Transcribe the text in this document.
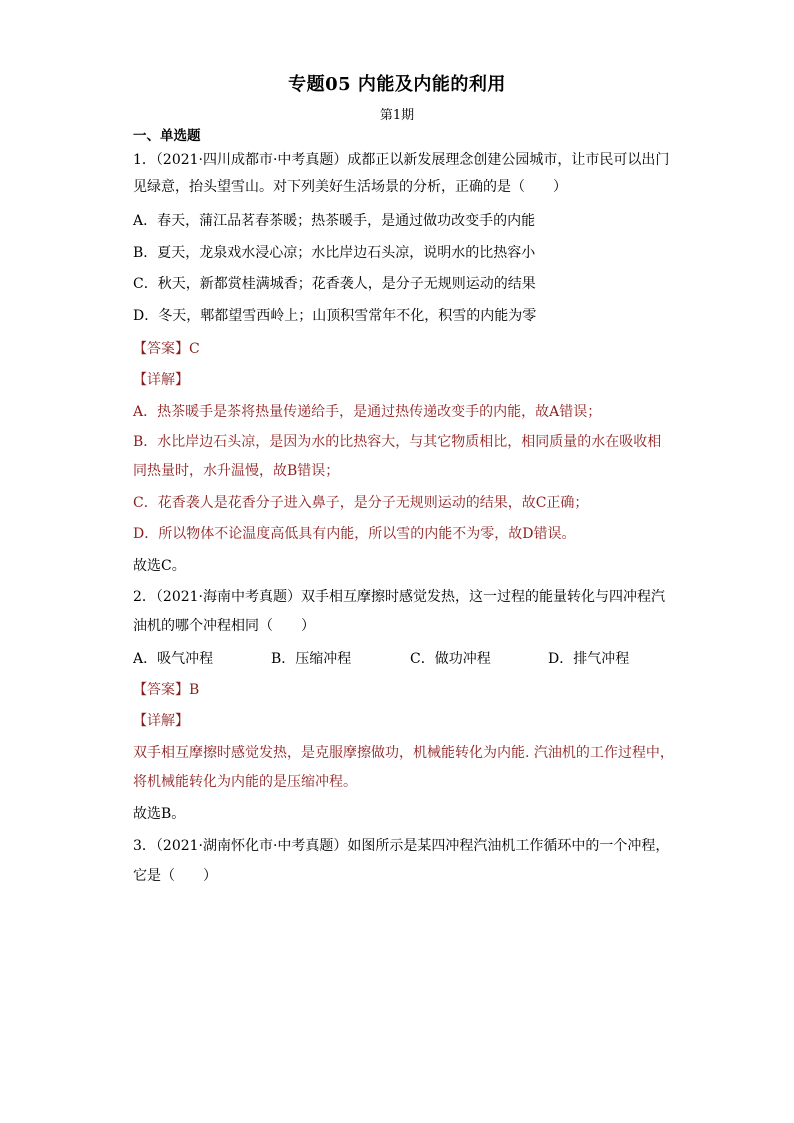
专题05 内能及内能的利用
第1期
一、单选题
1．（2021·四川成都市·中考真题）成都正以新发展理念创建公园城市，让市民可以出门
见绿意，抬头望雪山。对下列美好生活场景的分析，正确的是（　　）
A．春天，蒲江品茗春茶暖；热茶暖手，是通过做功改变手的内能
B．夏天，龙泉戏水浸心凉；水比岸边石头凉，说明水的比热容小
C．秋天，新都赏桂满城香；花香袭人，是分子无规则运动的结果
D．冬天，郫都望雪西岭上；山顶积雪常年不化，积雪的内能为零
【答案】C
【详解】
A．热茶暖手是茶将热量传递给手，是通过热传递改变手的内能，故A错误；
B．水比岸边石头凉，是因为水的比热容大，与其它物质相比，相同质量的水在吸收相
同热量时，水升温慢，故B错误；
C．花香袭人是花香分子进入鼻子，是分子无规则运动的结果，故C正确；
D．所以物体不论温度高低具有内能，所以雪的内能不为零，故D错误。
故选C。
2．（2021·海南中考真题）双手相互摩擦时感觉发热，这一过程的能量转化与四冲程汽
油机的哪个冲程相同（　　）
A．吸气冲程	B．压缩冲程	C．做功冲程	D．排气冲程
【答案】B
【详解】
双手相互摩擦时感觉发热，是克服摩擦做功，机械能转化为内能. 汽油机的工作过程中，
将机械能转化为内能的是压缩冲程。
故选B。
3．（2021·湖南怀化市·中考真题）如图所示是某四冲程汽油机工作循环中的一个冲程，
它是（　　）
